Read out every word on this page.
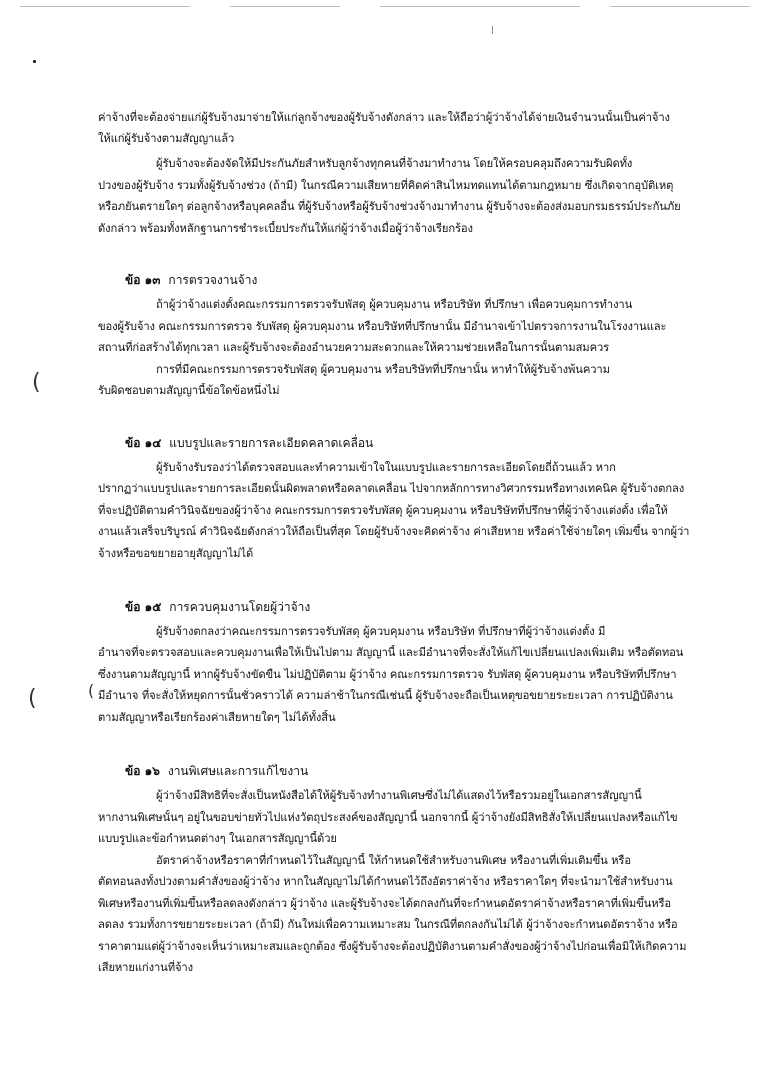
ค่าจ้างที่จะต้องจ่ายแก่ผู้รับจ้างมาจ่ายให้แก่ลูกจ้างของผู้รับจ้างดังกล่าว และให้ถือว่าผู้ว่าจ้างได้จ่ายเงินจำนวนนั้นเป็นค่าจ้าง
ให้แก่ผู้รับจ้างตามสัญญาแล้ว
ผู้รับจ้างจะต้องจัดให้มีประกันภัยสำหรับลูกจ้างทุกคนที่จ้างมาทำงาน โดยให้ครอบคลุมถึงความรับผิดทั้ง
ปวงของผู้รับจ้าง รวมทั้งผู้รับจ้างช่วง (ถ้ามี) ในกรณีความเสียหายที่คิดค่าสินไหมทดแทนได้ตามกฎหมาย ซึ่งเกิดจากอุบัติเหตุ
หรือภยันตรายใดๆ ต่อลูกจ้างหรือบุคคลอื่น ที่ผู้รับจ้างหรือผู้รับจ้างช่วงจ้างมาทำงาน ผู้รับจ้างจะต้องส่งมอบกรมธรรม์ประกันภัย
ดังกล่าว พร้อมทั้งหลักฐานการชำระเบี้ยประกันให้แก่ผู้ว่าจ้างเมื่อผู้ว่าจ้างเรียกร้อง
ข้อ ๑๓ การตรวจงานจ้าง
ถ้าผู้ว่าจ้างแต่งตั้งคณะกรรมการตรวจรับพัสดุ ผู้ควบคุมงาน หรือบริษัท ที่ปรึกษา เพื่อควบคุมการทำงาน
ของผู้รับจ้าง คณะกรรมการตรวจ รับพัสดุ ผู้ควบคุมงาน หรือบริษัทที่ปรึกษานั้น มีอำนาจเข้าไปตรวจการงานในโรงงานและ
สถานที่ก่อสร้างได้ทุกเวลา และผู้รับจ้างจะต้องอำนวยความสะดวกและให้ความช่วยเหลือในการนั้นตามสมควร
การที่มีคณะกรรมการตรวจรับพัสดุ ผู้ควบคุมงาน หรือบริษัทที่ปรึกษานั้น หาทำให้ผู้รับจ้างพ้นความ
รับผิดชอบตามสัญญานี้ข้อใดข้อหนึ่งไม่
(
ข้อ ๑๔ แบบรูปและรายการละเอียดคลาดเคลื่อน
ผู้รับจ้างรับรองว่าได้ตรวจสอบและทำความเข้าใจในแบบรูปและรายการละเอียดโดยถี่ถ้วนแล้ว หาก
ปรากฏว่าแบบรูปและรายการละเอียดนั้นผิดพลาดหรือคลาดเคลื่อน ไปจากหลักการทางวิศวกรรมหรือทางเทคนิค ผู้รับจ้างตกลง
ที่จะปฏิบัติตามคำวินิจฉัยของผู้ว่าจ้าง คณะกรรมการตรวจรับพัสดุ ผู้ควบคุมงาน หรือบริษัทที่ปรึกษาที่ผู้ว่าจ้างแต่งตั้ง เพื่อให้
งานแล้วเสร็จบริบูรณ์ คำวินิจฉัยดังกล่าวให้ถือเป็นที่สุด โดยผู้รับจ้างจะคิดค่าจ้าง ค่าเสียหาย หรือค่าใช้จ่ายใดๆ เพิ่มขึ้น จากผู้ว่า
จ้างหรือขอขยายอายุสัญญาไม่ได้
ข้อ ๑๕ การควบคุมงานโดยผู้ว่าจ้าง
ผู้รับจ้างตกลงว่าคณะกรรมการตรวจรับพัสดุ ผู้ควบคุมงาน หรือบริษัท ที่ปรึกษาที่ผู้ว่าจ้างแต่งตั้ง มี
อำนาจที่จะตรวจสอบและควบคุมงานเพื่อให้เป็นไปตาม สัญญานี้ และมีอำนาจที่จะสั่งให้แก้ไขเปลี่ยนแปลงเพิ่มเติม หรือตัดทอน
ซึ่งงานตามสัญญานี้ หากผู้รับจ้างขัดขืน ไม่ปฏิบัติตาม ผู้ว่าจ้าง คณะกรรมการตรวจ รับพัสดุ ผู้ควบคุมงาน หรือบริษัทที่ปรึกษา
มีอำนาจ ที่จะสั่งให้หยุดการนั้นชั่วคราวได้ ความล่าช้าในกรณีเช่นนี้ ผู้รับจ้างจะถือเป็นเหตุขอขยายระยะเวลา การปฏิบัติงาน
ตามสัญญาหรือเรียกร้องค่าเสียหายใดๆ ไม่ได้ทั้งสิ้น
(	(
ข้อ ๑๖ งานพิเศษและการแก้ไขงาน
ผู้ว่าจ้างมีสิทธิที่จะสั่งเป็นหนังสือได้ให้ผู้รับจ้างทำงานพิเศษซึ่งไม่ได้แสดงไว้หรือรวมอยู่ในเอกสารสัญญานี้
หากงานพิเศษนั้นๆ อยู่ในขอบข่ายทั่วไปแห่งวัตถุประสงค์ของสัญญานี้ นอกจากนี้ ผู้ว่าจ้างยังมีสิทธิสั่งให้เปลี่ยนแปลงหรือแก้ไข
แบบรูปและข้อกำหนดต่างๆ ในเอกสารสัญญานี้ด้วย
อัตราค่าจ้างหรือราคาที่กำหนดไว้ในสัญญานี้ ให้กำหนดใช้สำหรับงานพิเศษ หรืองานที่เพิ่มเติมขึ้น หรือ
ตัดทอนลงทั้งปวงตามคำสั่งของผู้ว่าจ้าง หากในสัญญาไม่ได้กำหนดไว้ถึงอัตราค่าจ้าง หรือราคาใดๆ ที่จะนำมาใช้สำหรับงาน
พิเศษหรืองานที่เพิ่มขึ้นหรือลดลงดังกล่าว ผู้ว่าจ้าง และผู้รับจ้างจะได้ตกลงกันที่จะกำหนดอัตราค่าจ้างหรือราคาที่เพิ่มขึ้นหรือ
ลดลง รวมทั้งการขยายระยะเวลา (ถ้ามี) กันใหม่เพื่อความเหมาะสม ในกรณีที่ตกลงกันไม่ได้ ผู้ว่าจ้างจะกำหนดอัตราจ้าง หรือ
ราคาตามแต่ผู้ว่าจ้างจะเห็นว่าเหมาะสมและถูกต้อง ซึ่งผู้รับจ้างจะต้องปฏิบัติงานตามคำสั่งของผู้ว่าจ้างไปก่อนเพื่อมิให้เกิดความ
เสียหายแก่งานที่จ้าง
